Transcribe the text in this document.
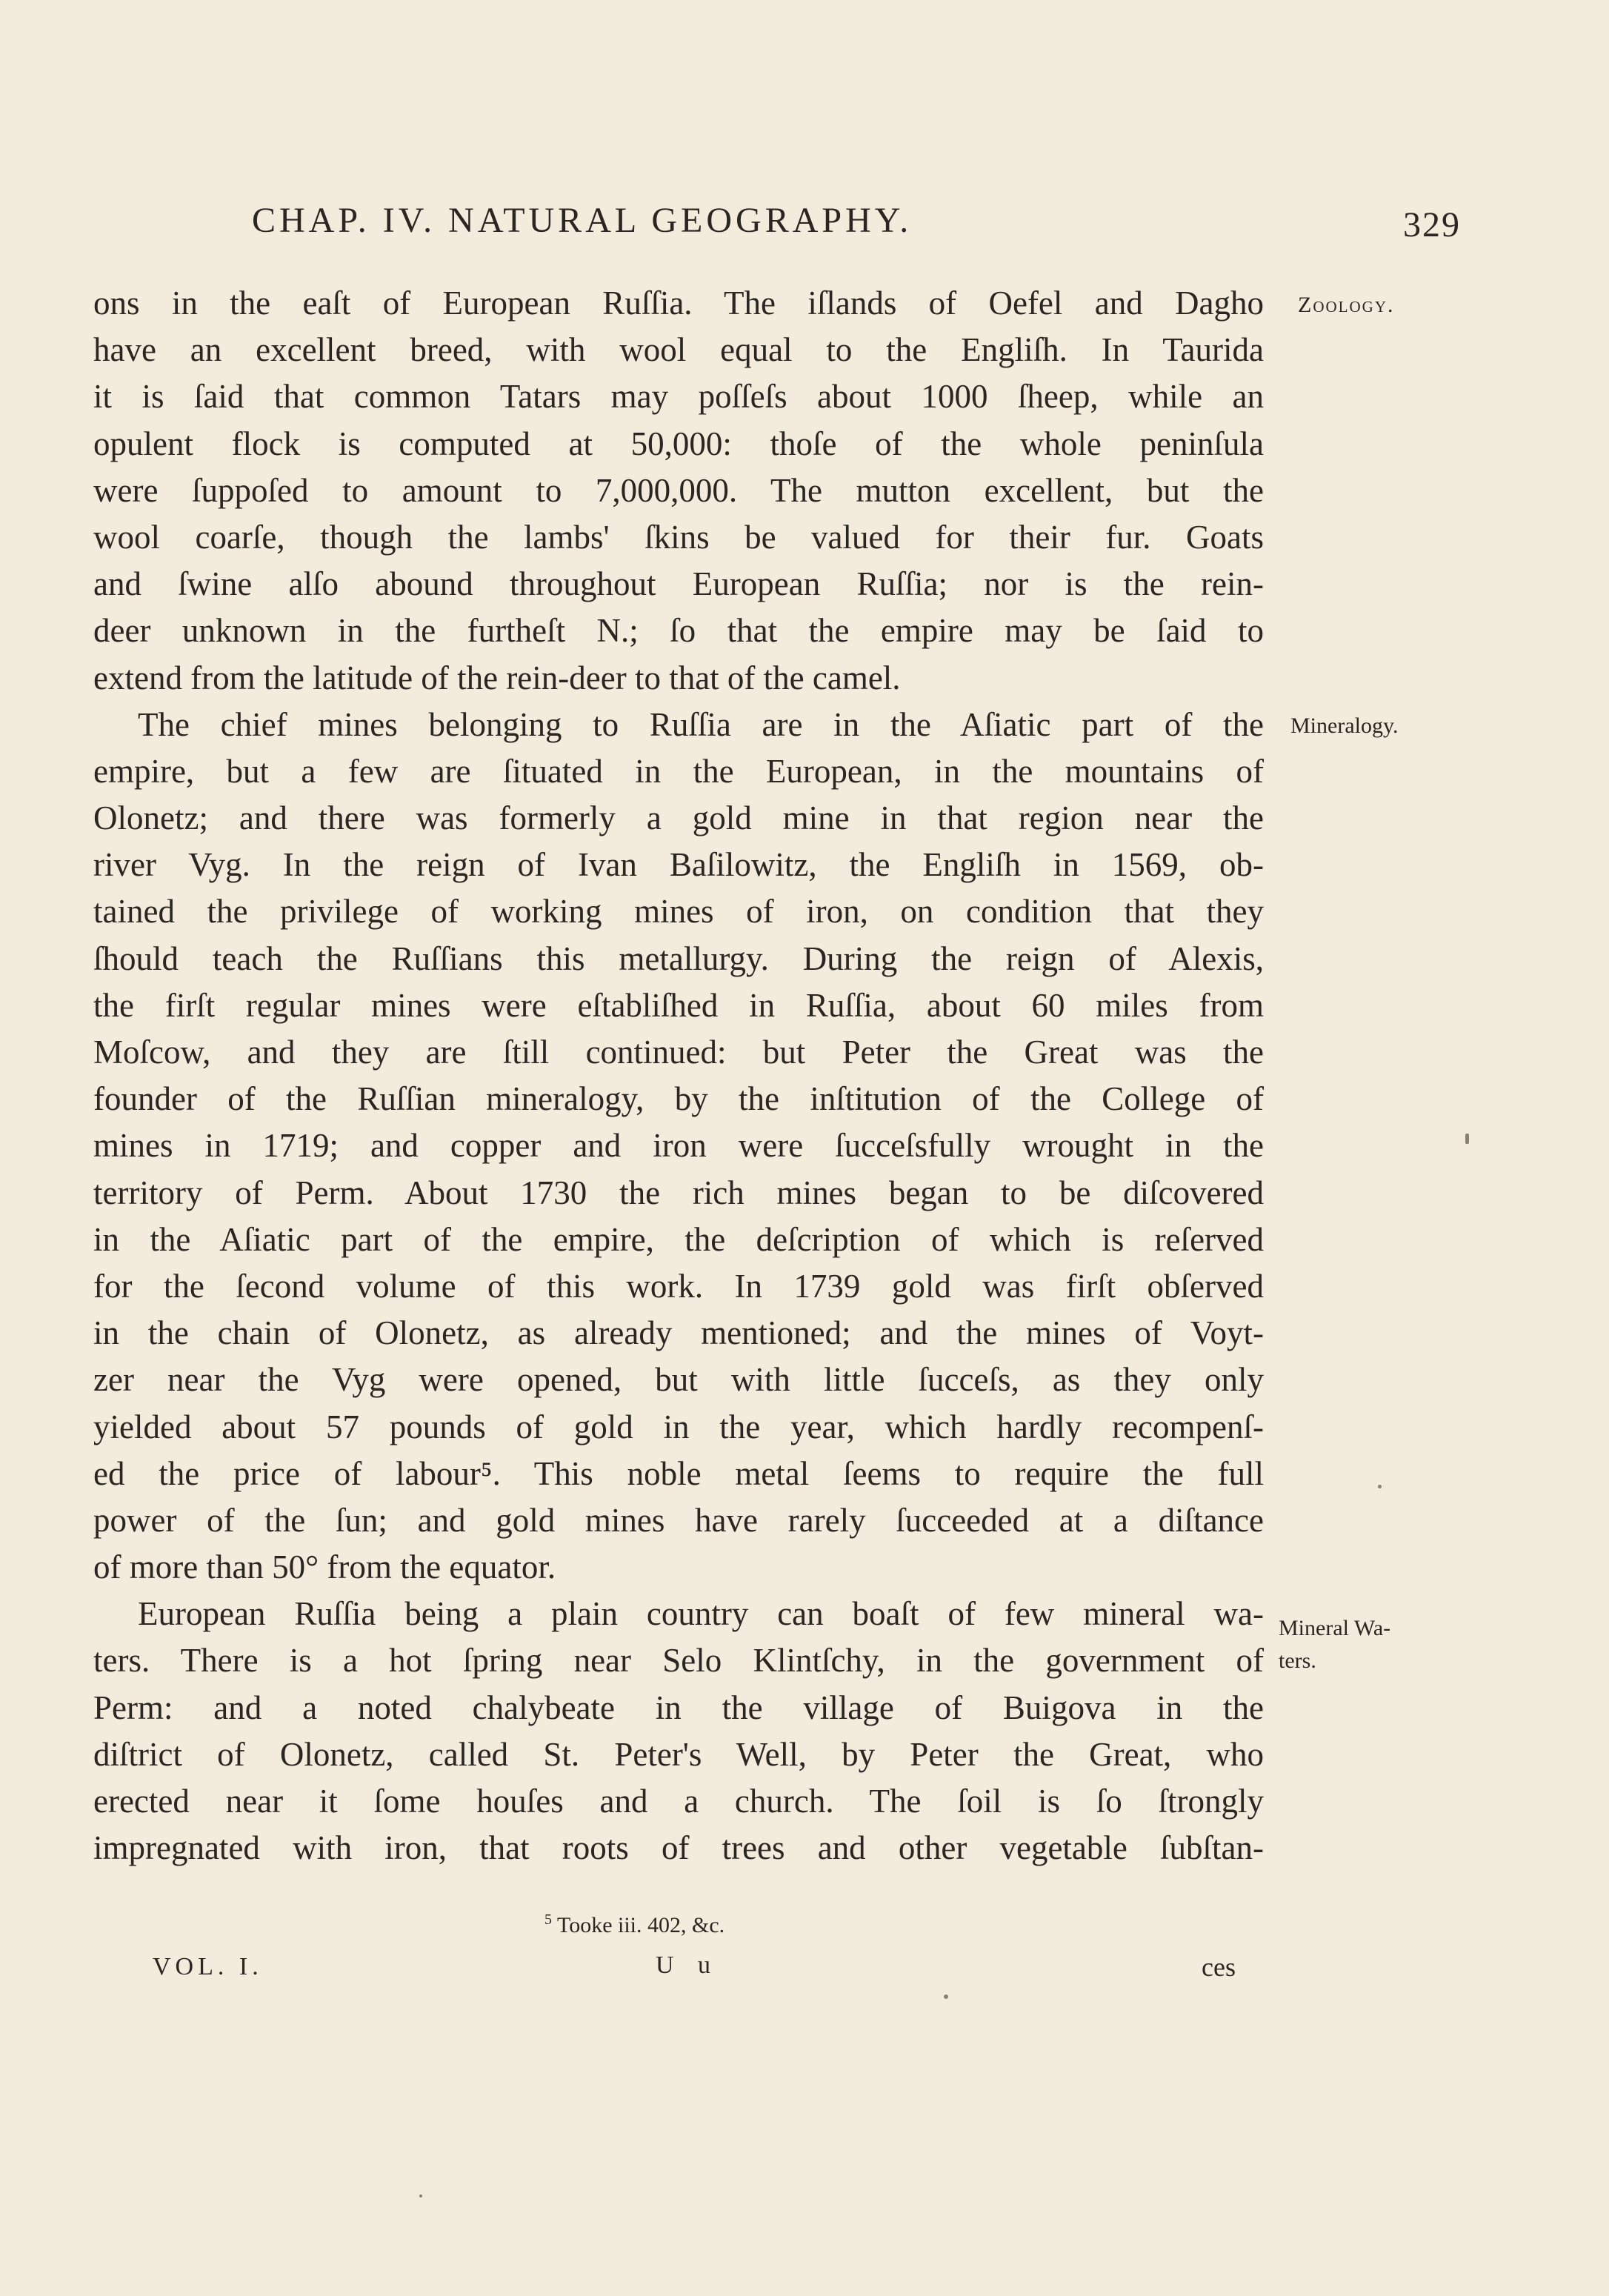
CHAP. IV. NATURAL GEOGRAPHY.	329
ons in the eaſt of European Ruſſia. The iſlands of Oefel and Dagho
have an excellent breed, with wool equal to the Engliſh. In Taurida
it is ſaid that common Tatars may poſſeſs about 1000 ſheep, while an
opulent flock is computed at 50,000: thoſe of the whole peninſula
were ſuppoſed to amount to 7,000,000. The mutton excellent, but the
wool coarſe, though the lambs' ſkins be valued for their fur. Goats
and ſwine alſo abound throughout European Ruſſia; nor is the rein-
deer unknown in the furtheſt N.; ſo that the empire may be ſaid to
extend from the latitude of the rein-deer to that of the camel.
The chief mines belonging to Ruſſia are in the Aſiatic part of the
empire, but a few are ſituated in the European, in the mountains of
Olonetz; and there was formerly a gold mine in that region near the
river Vyg. In the reign of Ivan Baſilowitz, the Engliſh in 1569, ob-
tained the privilege of working mines of iron, on condition that they
ſhould teach the Ruſſians this metallurgy. During the reign of Alexis,
the firſt regular mines were eſtabliſhed in Ruſſia, about 60 miles from
Moſcow, and they are ſtill continued: but Peter the Great was the
founder of the Ruſſian mineralogy, by the inſtitution of the College of
mines in 1719; and copper and iron were ſucceſsfully wrought in the
territory of Perm. About 1730 the rich mines began to be diſcovered
in the Aſiatic part of the empire, the deſcription of which is reſerved
for the ſecond volume of this work. In 1739 gold was firſt obſerved
in the chain of Olonetz, as already mentioned; and the mines of Voyt-
zer near the Vyg were opened, but with little ſucceſs, as they only
yielded about 57 pounds of gold in the year, which hardly recompenſ-
ed the price of labour⁵. This noble metal ſeems to require the full
power of the ſun; and gold mines have rarely ſucceeded at a diſtance
of more than 50° from the equator.
European Ruſſia being a plain country can boaſt of few mineral wa-
ters. There is a hot ſpring near Selo Klintſchy, in the government of
Perm: and a noted chalybeate in the village of Buigova in the
diſtrict of Olonetz, called St. Peter's Well, by Peter the Great, who
erected near it ſome houſes and a church. The ſoil is ſo ſtrongly
impregnated with iron, that roots of trees and other vegetable ſubſtan-
Zoology.
Mineralogy.
Mineral Wa-
ters.
$^5$ Tooke iii. 402, &c.
VOL. I.	U u	ces
